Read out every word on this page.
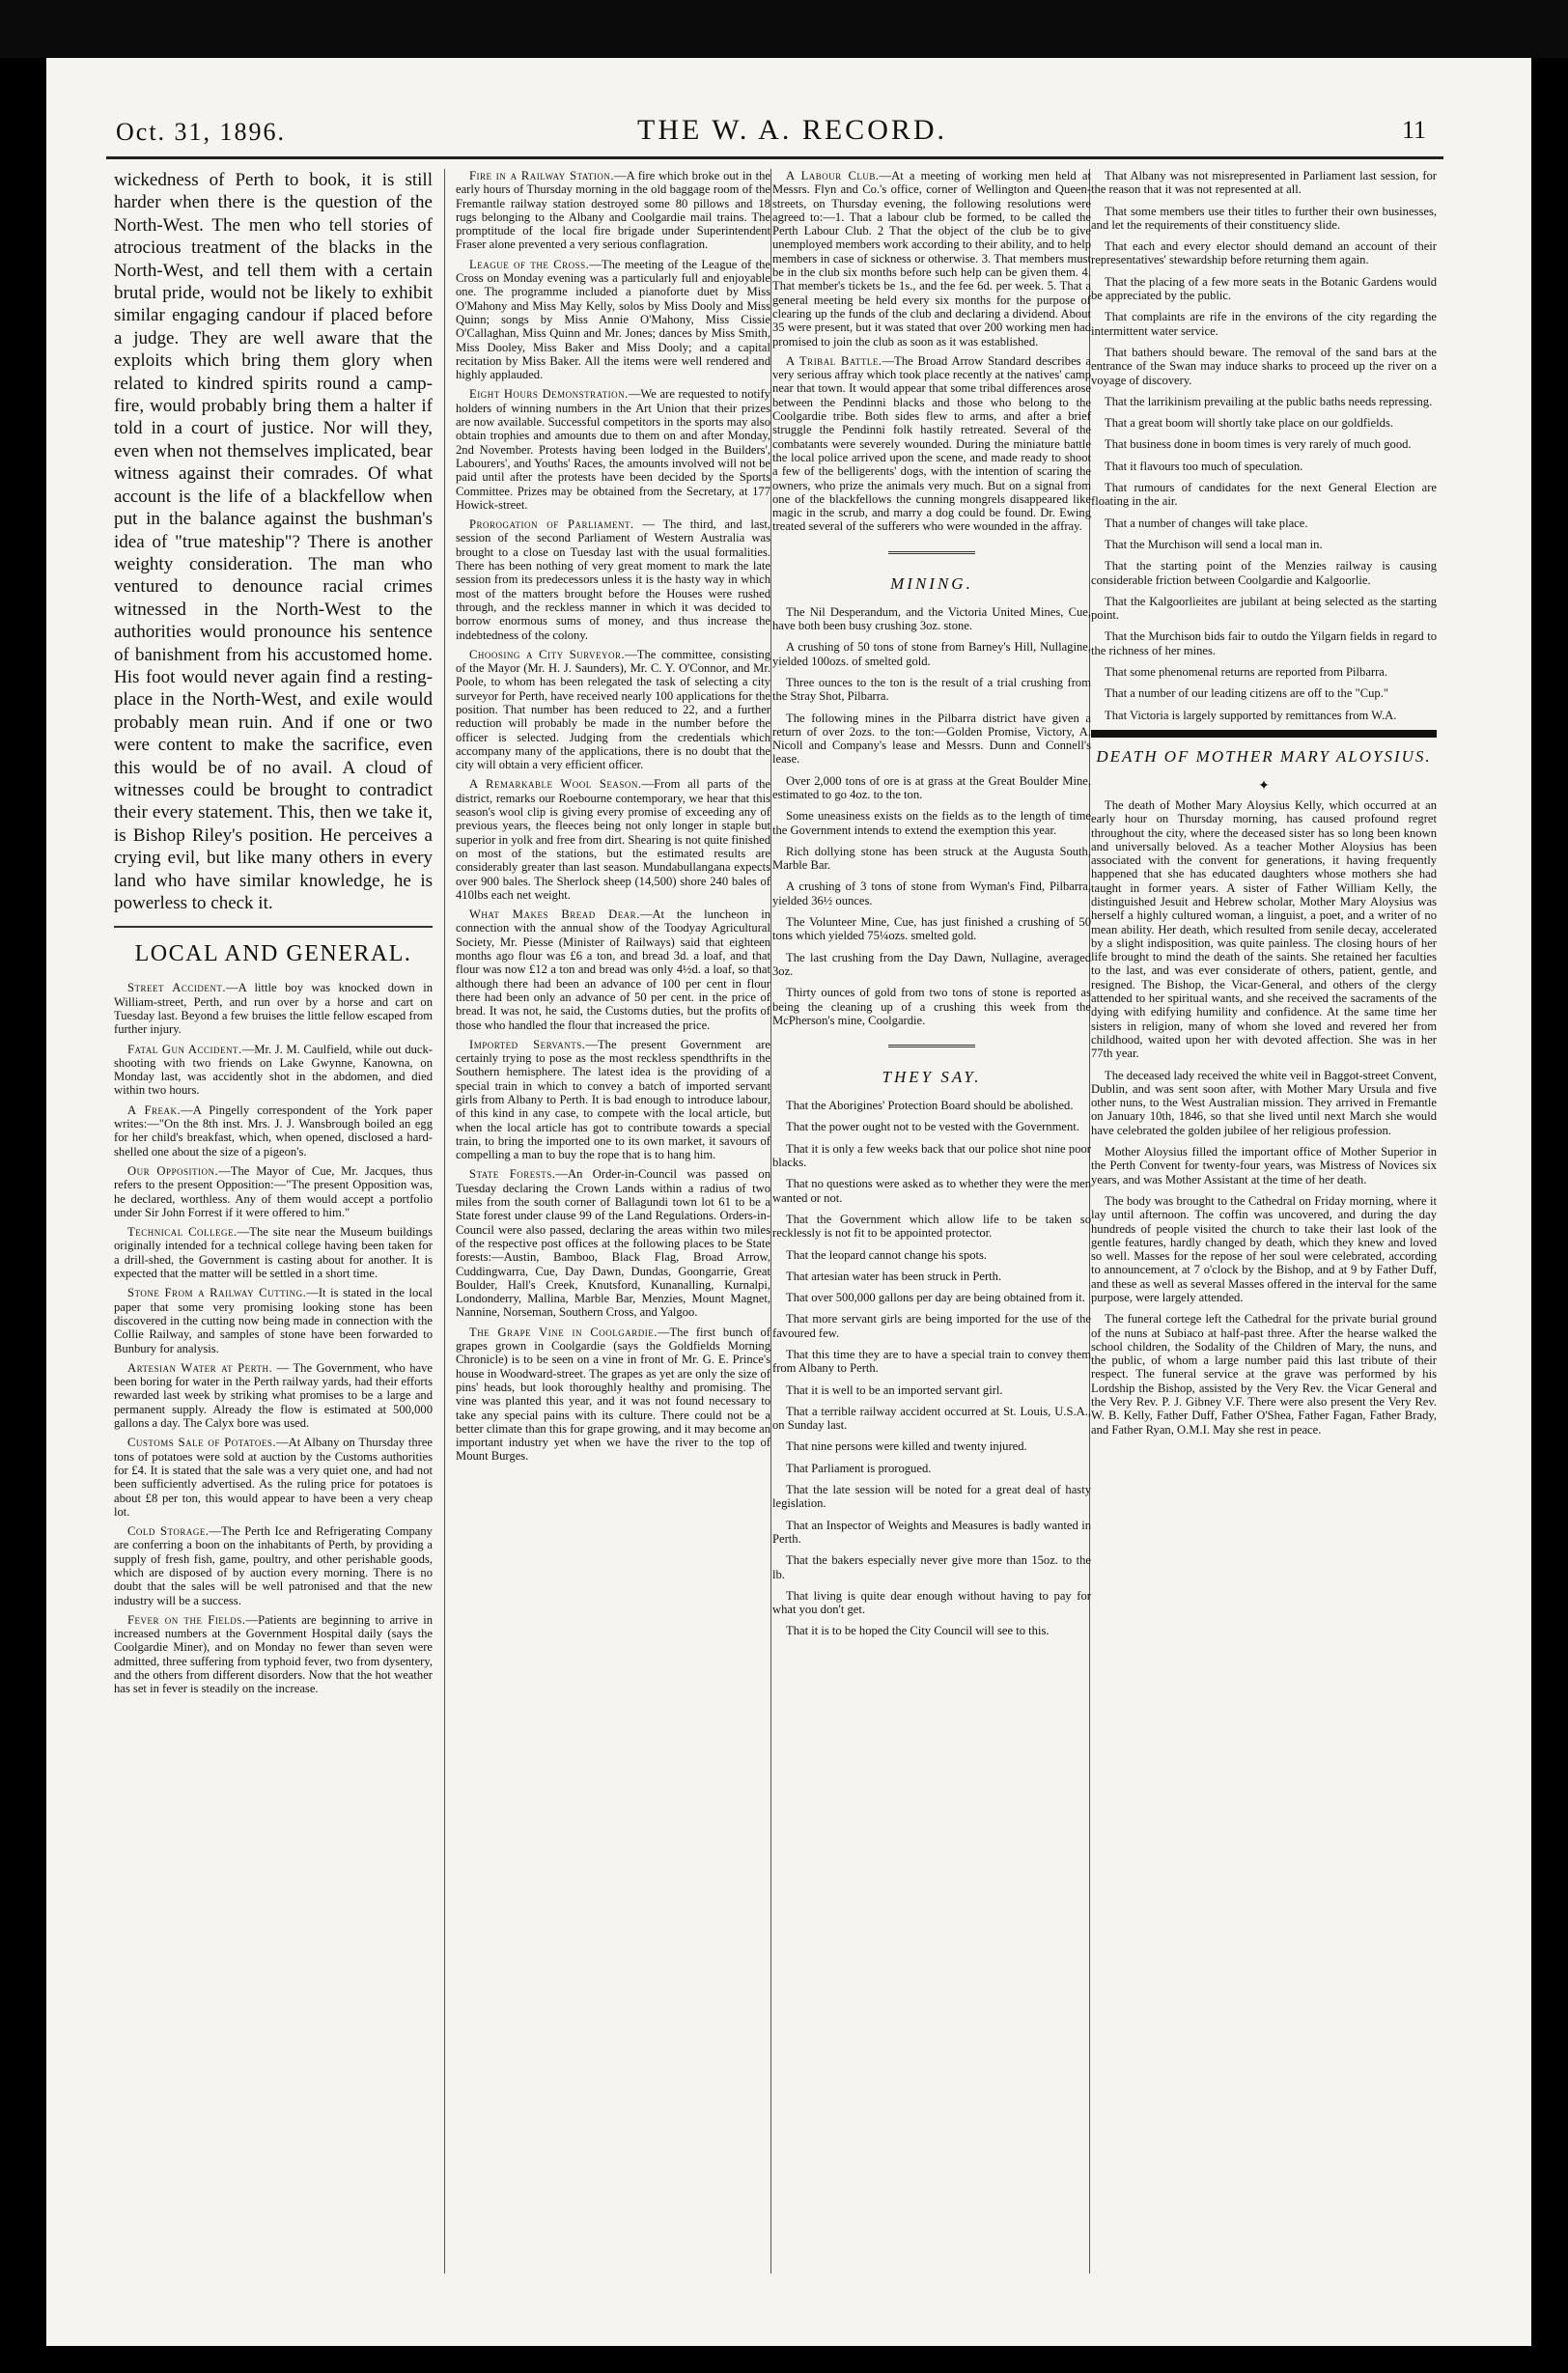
Oct. 31, 1896.	THE W. A. RECORD.	11

wickedness of Perth to book, it is still harder when there is the question of the North-West. The men who tell stories of atrocious treatment of the blacks in the North-West, and tell them with a certain brutal pride, would not be likely to exhibit similar engaging candour if placed before a judge. They are well aware that the exploits which bring them glory when related to kindred spirits round a camp-fire, would probably bring them a halter if told in a court of justice. Nor will they, even when not themselves implicated, bear witness against their comrades. Of what account is the life of a blackfellow when put in the balance against the bushman's idea of "true mateship"? There is another weighty consideration. The man who ventured to denounce racial crimes witnessed in the North-West to the authorities would pronounce his sentence of banishment from his accustomed home. His foot would never again find a resting-place in the North-West, and exile would probably mean ruin. And if one or two were content to make the sacrifice, even this would be of no avail. A cloud of witnesses could be brought to contradict their every statement. This, then we take it, is Bishop Riley's position. He perceives a crying evil, but like many others in every land who have similar knowledge, he is powerless to check it.

LOCAL AND GENERAL.

Street Accident.—A little boy was knocked down in William-street, Perth, and run over by a horse and cart on Tuesday last. Beyond a few bruises the little fellow escaped from further injury.

Fatal Gun Accident.—Mr. J. M. Caulfield, while out duck-shooting with two friends on Lake Gwynne, Kanowna, on Monday last, was accidently shot in the abdomen, and died within two hours.

A Freak.—A Pingelly correspondent of the York paper writes:—"On the 8th inst. Mrs. J. J. Wansbrough boiled an egg for her child's breakfast, which, when opened, disclosed a hard-shelled one about the size of a pigeon's.

Our Opposition.—The Mayor of Cue, Mr. Jacques, thus refers to the present Opposition:—"The present Opposition was, he declared, worthless. Any of them would accept a portfolio under Sir John Forrest if it were offered to him."

Technical College.—The site near the Museum buildings originally intended for a technical college having been taken for a drill-shed, the Government is casting about for another. It is expected that the matter will be settled in a short time.

Stone From a Railway Cutting.—It is stated in the local paper that some very promising looking stone has been discovered in the cutting now being made in connection with the Collie Railway, and samples of stone have been forwarded to Bunbury for analysis.

Artesian Water at Perth. — The Government, who have been boring for water in the Perth railway yards, had their efforts rewarded last week by striking what promises to be a large and permanent supply. Already the flow is estimated at 500,000 gallons a day. The Calyx bore was used.

Customs Sale of Potatoes.—At Albany on Thursday three tons of potatoes were sold at auction by the Customs authorities for £4. It is stated that the sale was a very quiet one, and had not been sufficiently advertised. As the ruling price for potatoes is about £8 per ton, this would appear to have been a very cheap lot.

Cold Storage.—The Perth Ice and Refrigerating Company are conferring a boon on the inhabitants of Perth, by providing a supply of fresh fish, game, poultry, and other perishable goods, which are disposed of by auction every morning. There is no doubt that the sales will be well patronised and that the new industry will be a success.

Fever on the Fields.—Patients are beginning to arrive in increased numbers at the Government Hospital daily (says the Coolgardie Miner), and on Monday no fewer than seven were admitted, three suffering from typhoid fever, two from dysentery, and the others from different disorders. Now that the hot weather has set in fever is steadily on the increase.

Fire in a Railway Station.—A fire which broke out in the early hours of Thursday morning in the old baggage room of the Fremantle railway station destroyed some 80 pillows and 18 rugs belonging to the Albany and Coolgardie mail trains. The promptitude of the local fire brigade under Superintendent Fraser alone prevented a very serious conflagration.

League of the Cross.—The meeting of the League of the Cross on Monday evening was a particularly full and enjoyable one. The programme included a pianoforte duet by Miss O'Mahony and Miss May Kelly, solos by Miss Dooly and Miss Quinn; songs by Miss Annie O'Mahony, Miss Cissie O'Callaghan, Miss Quinn and Mr. Jones; dances by Miss Smith, Miss Dooley, Miss Baker and Miss Dooly; and a capital recitation by Miss Baker. All the items were well rendered and highly applauded.

Eight Hours Demonstration.—We are requested to notify holders of winning numbers in the Art Union that their prizes are now available. Successful competitors in the sports may also obtain trophies and amounts due to them on and after Monday, 2nd November. Protests having been lodged in the Builders', Labourers', and Youths' Races, the amounts involved will not be paid until after the protests have been decided by the Sports Committee. Prizes may be obtained from the Secretary, at 177 Howick-street.

Prorogation of Parliament. — The third, and last, session of the second Parliament of Western Australia was brought to a close on Tuesday last with the usual formalities. There has been nothing of very great moment to mark the late session from its predecessors unless it is the hasty way in which most of the matters brought before the Houses were rushed through, and the reckless manner in which it was decided to borrow enormous sums of money, and thus increase the indebtedness of the colony.

Choosing a City Surveyor.—The committee, consisting of the Mayor (Mr. H. J. Saunders), Mr. C. Y. O'Connor, and Mr. Poole, to whom has been relegated the task of selecting a city surveyor for Perth, have received nearly 100 applications for the position. That number has been reduced to 22, and a further reduction will probably be made in the number before the officer is selected. Judging from the credentials which accompany many of the applications, there is no doubt that the city will obtain a very efficient officer.

A Remarkable Wool Season.—From all parts of the district, remarks our Roebourne contemporary, we hear that this season's wool clip is giving every promise of exceeding any of previous years, the fleeces being not only longer in staple but superior in yolk and free from dirt. Shearing is not quite finished on most of the stations, but the estimated results are considerably greater than last season. Mundabullangana expects over 900 bales. The Sherlock sheep (14,500) shore 240 bales of 410lbs each net weight.

What Makes Bread Dear.—At the luncheon in connection with the annual show of the Toodyay Agricultural Society, Mr. Piesse (Minister of Railways) said that eighteen months ago flour was £6 a ton, and bread 3d. a loaf, and that flour was now £12 a ton and bread was only 4½d. a loaf, so that although there had been an advance of 100 per cent in flour there had been only an advance of 50 per cent. in the price of bread. It was not, he said, the Customs duties, but the profits of those who handled the flour that increased the price.

Imported Servants.—The present Government are certainly trying to pose as the most reckless spendthrifts in the Southern hemisphere. The latest idea is the providing of a special train in which to convey a batch of imported servant girls from Albany to Perth. It is bad enough to introduce labour, of this kind in any case, to compete with the local article, but when the local article has got to contribute towards a special train, to bring the imported one to its own market, it savours of compelling a man to buy the rope that is to hang him.

State Forests.—An Order-in-Council was passed on Tuesday declaring the Crown Lands within a radius of two miles from the south corner of Ballagundi town lot 61 to be a State forest under clause 99 of the Land Regulations. Orders-in-Council were also passed, declaring the areas within two miles of the respective post offices at the following places to be State forests:—Austin, Bamboo, Black Flag, Broad Arrow, Cuddingwarra, Cue, Day Dawn, Dundas, Goongarrie, Great Boulder, Hall's Creek, Knutsford, Kunanalling, Kurnalpi, Londonderry, Mallina, Marble Bar, Menzies, Mount Magnet, Nannine, Norseman, Southern Cross, and Yalgoo.

The Grape Vine in Coolgardie.—The first bunch of grapes grown in Coolgardie (says the Goldfields Morning Chronicle) is to be seen on a vine in front of Mr. G. E. Prince's house in Woodward-street. The grapes as yet are only the size of pins' heads, but look thoroughly healthy and promising. The vine was planted this year, and it was not found necessary to take any special pains with its culture. There could not be a better climate than this for grape growing, and it may become an important industry yet when we have the river to the top of Mount Burges.

A Labour Club.—At a meeting of working men held at Messrs. Flyn and Co.'s office, corner of Wellington and Queen-streets, on Thursday evening, the following resolutions were agreed to:—1. That a labour club be formed, to be called the Perth Labour Club. 2 That the object of the club be to give unemployed members work according to their ability, and to help members in case of sickness or otherwise. 3. That members must be in the club six months before such help can be given them. 4. That member's tickets be 1s., and the fee 6d. per week. 5. That a general meeting be held every six months for the purpose of clearing up the funds of the club and declaring a dividend. About 35 were present, but it was stated that over 200 working men had promised to join the club as soon as it was established.

A Tribal Battle.—The Broad Arrow Standard describes a very serious affray which took place recently at the natives' camp near that town. It would appear that some tribal differences arose between the Pendinni blacks and those who belong to the Coolgardie tribe. Both sides flew to arms, and after a brief struggle the Pendinni folk hastily retreated. Several of the combatants were severely wounded. During the miniature battle the local police arrived upon the scene, and made ready to shoot a few of the belligerents' dogs, with the intention of scaring the owners, who prize the animals very much. But on a signal from one of the blackfellows the cunning mongrels disappeared like magic in the scrub, and marry a dog could be found. Dr. Ewing treated several of the sufferers who were wounded in the affray.

MINING.

The Nil Desperandum, and the Victoria United Mines, Cue, have both been busy crushing 3oz. stone.

A crushing of 50 tons of stone from Barney's Hill, Nullagine, yielded 100ozs. of smelted gold.

Three ounces to the ton is the result of a trial crushing from the Stray Shot, Pilbarra.

The following mines in the Pilbarra district have given a return of over 2ozs. to the ton:—Golden Promise, Victory, A. Nicoll and Company's lease and Messrs. Dunn and Connell's lease.

Over 2,000 tons of ore is at grass at the Great Boulder Mine, estimated to go 4oz. to the ton.

Some uneasiness exists on the fields as to the length of time the Government intends to extend the exemption this year.

Rich dollying stone has been struck at the Augusta South, Marble Bar.

A crushing of 3 tons of stone from Wyman's Find, Pilbarra, yielded 36½ ounces.

The Volunteer Mine, Cue, has just finished a crushing of 50 tons which yielded 75¼ozs. smelted gold.

The last crushing from the Day Dawn, Nullagine, averaged 3oz.

Thirty ounces of gold from two tons of stone is reported as being the cleaning up of a crushing this week from the McPherson's mine, Coolgardie.

THEY SAY.

That the Aborigines' Protection Board should be abolished.

That the power ought not to be vested with the Government.

That it is only a few weeks back that our police shot nine poor blacks.

That no questions were asked as to whether they were the men wanted or not.

That the Government which allow life to be taken so recklessly is not fit to be appointed protector.

That the leopard cannot change his spots.

That artesian water has been struck in Perth.

That over 500,000 gallons per day are being obtained from it.

That more servant girls are being imported for the use of the favoured few.

That this time they are to have a special train to convey them from Albany to Perth.

That it is well to be an imported servant girl.

That a terrible railway accident occurred at St. Louis, U.S.A., on Sunday last.

That nine persons were killed and twenty injured.

That Parliament is prorogued.

That the late session will be noted for a great deal of hasty legislation.

That an Inspector of Weights and Measures is badly wanted in Perth.

That the bakers especially never give more than 15oz. to the lb.

That living is quite dear enough without having to pay for what you don't get.

That it is to be hoped the City Council will see to this.

That Albany was not misrepresented in Parliament last session, for the reason that it was not represented at all.

That some members use their titles to further their own businesses, and let the requirements of their constituency slide.

That each and every elector should demand an account of their representatives' stewardship before returning them again.

That the placing of a few more seats in the Botanic Gardens would be appreciated by the public.

That complaints are rife in the environs of the city regarding the intermittent water service.

That bathers should beware. The removal of the sand bars at the entrance of the Swan may induce sharks to proceed up the river on a voyage of discovery.

That the larrikinism prevailing at the public baths needs repressing.

That a great boom will shortly take place on our goldfields.

That business done in boom times is very rarely of much good.

That it flavours too much of speculation.

That rumours of candidates for the next General Election are floating in the air.

That a number of changes will take place.

That the Murchison will send a local man in.

That the starting point of the Menzies railway is causing considerable friction between Coolgardie and Kalgoorlie.

That the Kalgoorlieites are jubilant at being selected as the starting point.

That the Murchison bids fair to outdo the Yilgarn fields in regard to the richness of her mines.

That some phenomenal returns are reported from Pilbarra.

That a number of our leading citizens are off to the "Cup."

That Victoria is largely supported by remittances from W.A.

DEATH OF MOTHER MARY ALOYSIUS.
✦

The death of Mother Mary Aloysius Kelly, which occurred at an early hour on Thursday morning, has caused profound regret throughout the city, where the deceased sister has so long been known and universally beloved. As a teacher Mother Aloysius has been associated with the convent for generations, it having frequently happened that she has educated daughters whose mothers she had taught in former years. A sister of Father William Kelly, the distinguished Jesuit and Hebrew scholar, Mother Mary Aloysius was herself a highly cultured woman, a linguist, a poet, and a writer of no mean ability. Her death, which resulted from senile decay, accelerated by a slight indisposition, was quite painless. The closing hours of her life brought to mind the death of the saints. She retained her faculties to the last, and was ever considerate of others, patient, gentle, and resigned. The Bishop, the Vicar-General, and others of the clergy attended to her spiritual wants, and she received the sacraments of the dying with edifying humility and confidence. At the same time her sisters in religion, many of whom she loved and revered her from childhood, waited upon her with devoted affection. She was in her 77th year.

The deceased lady received the white veil in Baggot-street Convent, Dublin, and was sent soon after, with Mother Mary Ursula and five other nuns, to the West Australian mission. They arrived in Fremantle on January 10th, 1846, so that she lived until next March she would have celebrated the golden jubilee of her religious profession.

Mother Aloysius filled the important office of Mother Superior in the Perth Convent for twenty-four years, was Mistress of Novices six years, and was Mother Assistant at the time of her death.

The body was brought to the Cathedral on Friday morning, where it lay until afternoon. The coffin was uncovered, and during the day hundreds of people visited the church to take their last look of the gentle features, hardly changed by death, which they knew and loved so well. Masses for the repose of her soul were celebrated, according to announcement, at 7 o'clock by the Bishop, and at 9 by Father Duff, and these as well as several Masses offered in the interval for the same purpose, were largely attended.

The funeral cortege left the Cathedral for the private burial ground of the nuns at Subiaco at half-past three. After the hearse walked the school children, the Sodality of the Children of Mary, the nuns, and the public, of whom a large number paid this last tribute of their respect. The funeral service at the grave was performed by his Lordship the Bishop, assisted by the Very Rev. the Vicar General and the Very Rev. P. J. Gibney V.F. There were also present the Very Rev. W. B. Kelly, Father Duff, Father O'Shea, Father Fagan, Father Brady, and Father Ryan, O.M.I. May she rest in peace.
